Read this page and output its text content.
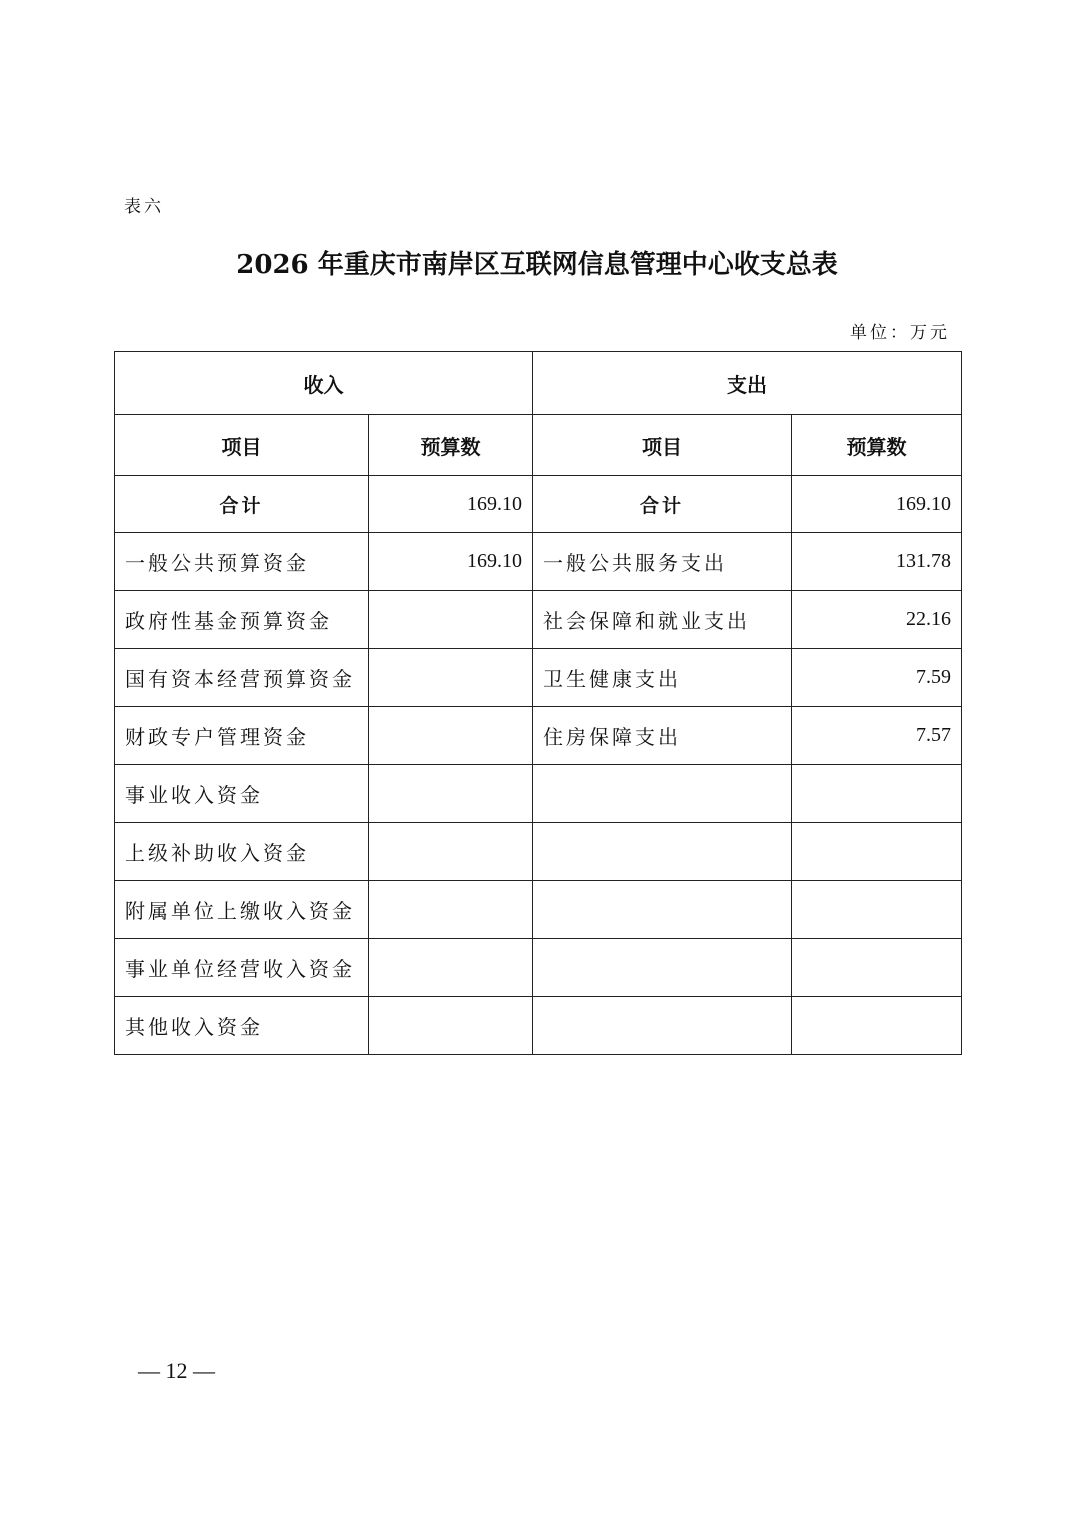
表六
2026 年重庆市南岸区互联网信息管理中心收支总表
单位：万元
收入		支出	
项目	预算数	项目	预算数
合计	169.10	合计	169.10
一般公共预算资金	169.10	一般公共服务支出	131.78
政府性基金预算资金		社会保障和就业支出	22.16
国有资本经营预算资金		卫生健康支出	7.59
财政专户管理资金		住房保障支出	7.57
事业收入资金			
上级补助收入资金			
附属单位上缴收入资金			
事业单位经营收入资金			
其他收入资金			
— 12 —
